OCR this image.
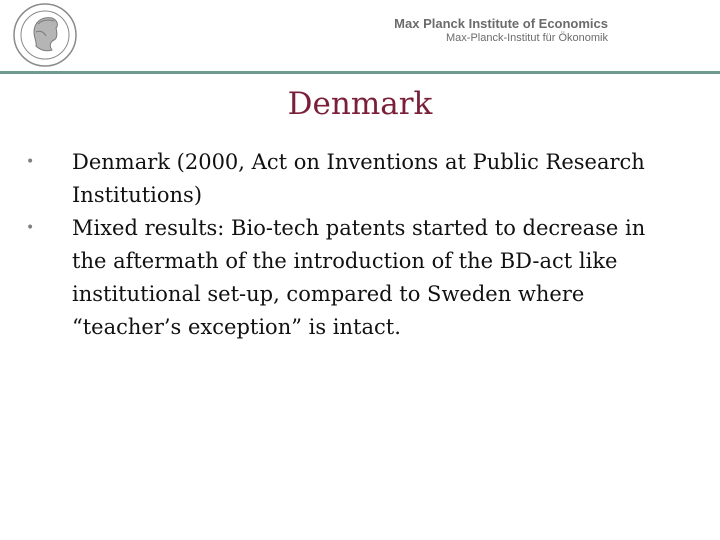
Max Planck Institute of Economics
Max-Planck-Institut für Ökonomik
Denmark
• Denmark (2000, Act on Inventions at Public Research Institutions)
• Mixed results: Bio-tech patents started to decrease in the aftermath of the introduction of the BD-act like institutional set-up, compared to Sweden where “teacher’s exception” is intact.
